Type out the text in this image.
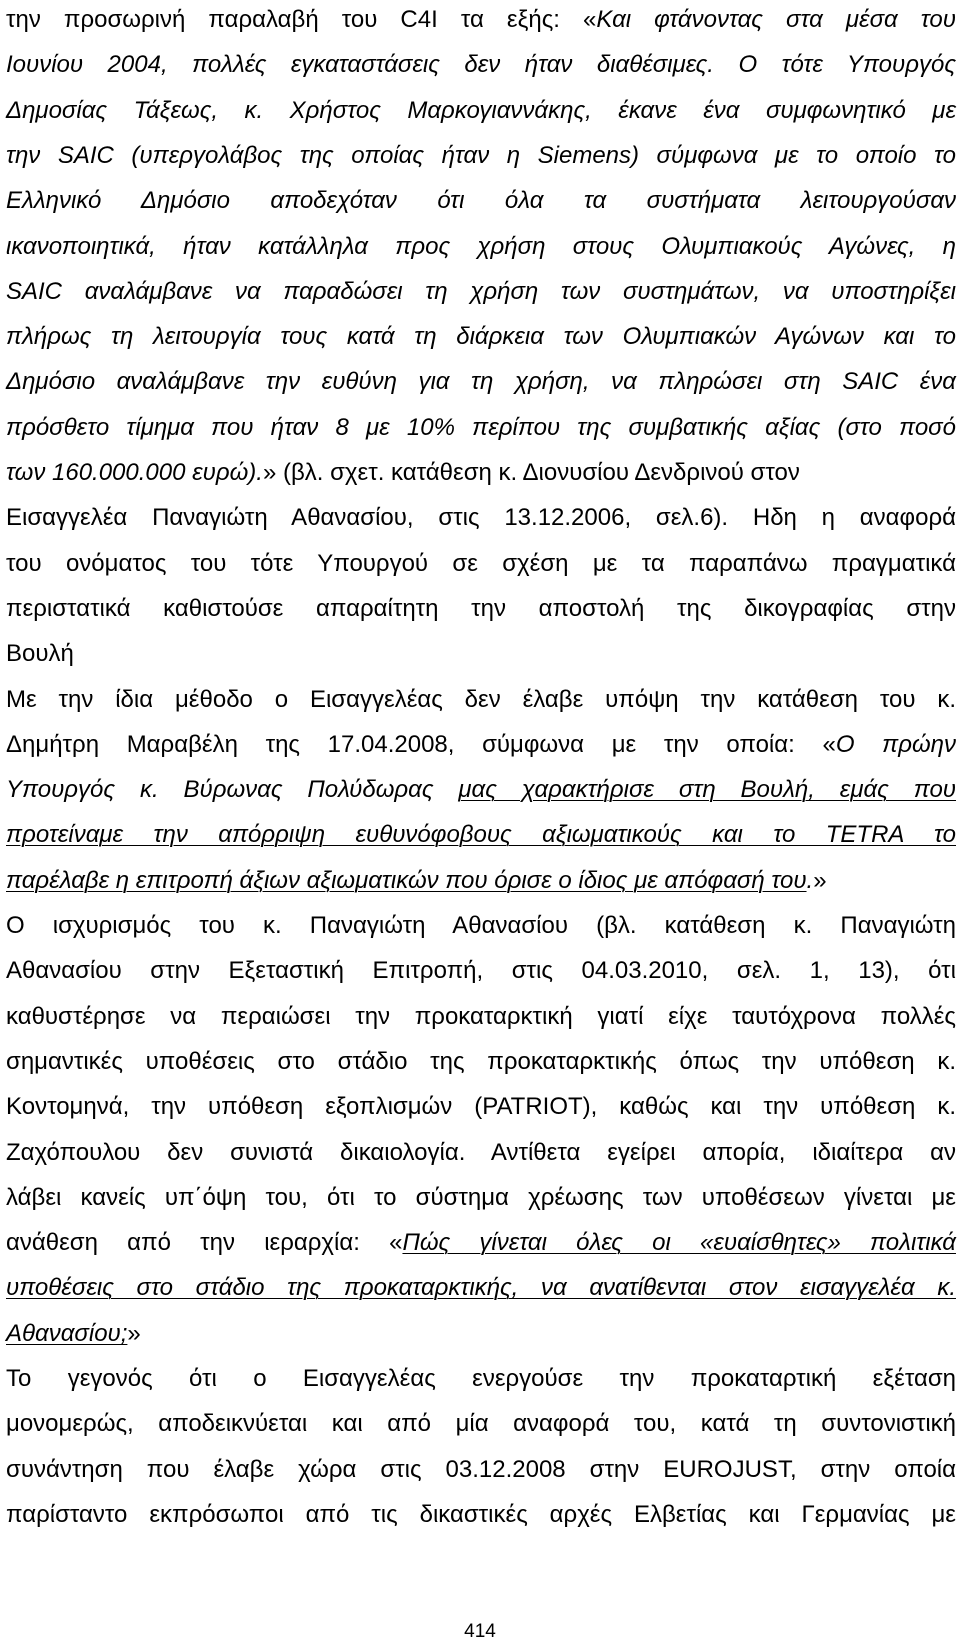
την προσωρινή παραλαβή του C4I τα εξής: «Και φτάνοντας στα μέσα του
Ιουνίου 2004, πολλές εγκαταστάσεις δεν ήταν διαθέσιμες. Ο τότε Υπουργός
Δημοσίας Τάξεως, κ. Χρήστος Μαρκογιαννάκης, έκανε ένα συμφωνητικό με
την SAIC (υπεργολάβος της οποίας ήταν η Siemens) σύμφωνα με το οποίο το
Ελληνικό Δημόσιο αποδεχόταν ότι όλα τα συστήματα λειτουργούσαν
ικανοποιητικά, ήταν κατάλληλα προς χρήση στους Ολυμπιακούς Αγώνες, η
SAIC αναλάμβανε να παραδώσει τη χρήση των συστημάτων, να υποστηρίξει
πλήρως τη λειτουργία τους κατά τη διάρκεια των Ολυμπιακών Αγώνων και το
Δημόσιο αναλάμβανε την ευθύνη για τη χρήση, να πληρώσει στη SAIC ένα
πρόσθετο τίμημα που ήταν 8 με 10% περίπου της συμβατικής αξίας (στο ποσό
των 160.000.000 ευρώ).» (βλ. σχετ. κατάθεση κ. Διονυσίου Δενδρινού στον
Εισαγγελέα Παναγιώτη Αθανασίου, στις 13.12.2006, σελ.6). Ηδη η αναφορά
του ονόματος του τότε Υπουργού σε σχέση με τα παραπάνω πραγματικά
περιστατικά καθιστούσε απαραίτητη την αποστολή της δικογραφίας στην
Βουλή
Με την ίδια μέθοδο ο Εισαγγελέας δεν έλαβε υπόψη την κατάθεση του κ.
Δημήτρη Μαραβέλη της 17.04.2008, σύμφωνα με την οποία: «Ο πρώην
Υπουργός κ. Βύρωνας Πολύδωρας μας χαρακτήρισε στη Βουλή, εμάς που
προτείναμε την απόρριψη ευθυνόφοβους αξιωματικούς και το TETRA το
παρέλαβε η επιτροπή άξιων αξιωματικών που όρισε ο ίδιος με απόφασή του.»
Ο ισχυρισμός του κ. Παναγιώτη Αθανασίου (βλ. κατάθεση κ. Παναγιώτη
Αθανασίου στην Εξεταστική Επιτροπή, στις 04.03.2010, σελ. 1, 13), ότι
καθυστέρησε να περαιώσει την προκαταρκτική γιατί είχε ταυτόχρονα πολλές
σημαντικές υποθέσεις στο στάδιο της προκαταρκτικής όπως την υπόθεση κ.
Κοντομηνά, την υπόθεση εξοπλισμών (PATRIOT), καθώς και την υπόθεση κ.
Ζαχόπουλου δεν συνιστά δικαιολογία. Αντίθετα εγείρει απορία, ιδιαίτερα αν
λάβει κανείς υπ΄όψη του, ότι το σύστημα χρέωσης των υποθέσεων γίνεται με
ανάθεση από την ιεραρχία: «Πώς γίνεται όλες οι «ευαίσθητες» πολιτικά
υποθέσεις στο στάδιο της προκαταρκτικής, να ανατίθενται στον εισαγγελέα κ.
Αθανασίου;»
Το γεγονός ότι ο Εισαγγελέας ενεργούσε την προκαταρτική εξέταση
μονομερώς, αποδεικνύεται και από μία αναφορά του, κατά τη συντονιστική
συνάντηση που έλαβε χώρα στις 03.12.2008 στην EUROJUST, στην οποία
παρίσταντο εκπρόσωποι από τις δικαστικές αρχές Ελβετίας και Γερμανίας με
414
